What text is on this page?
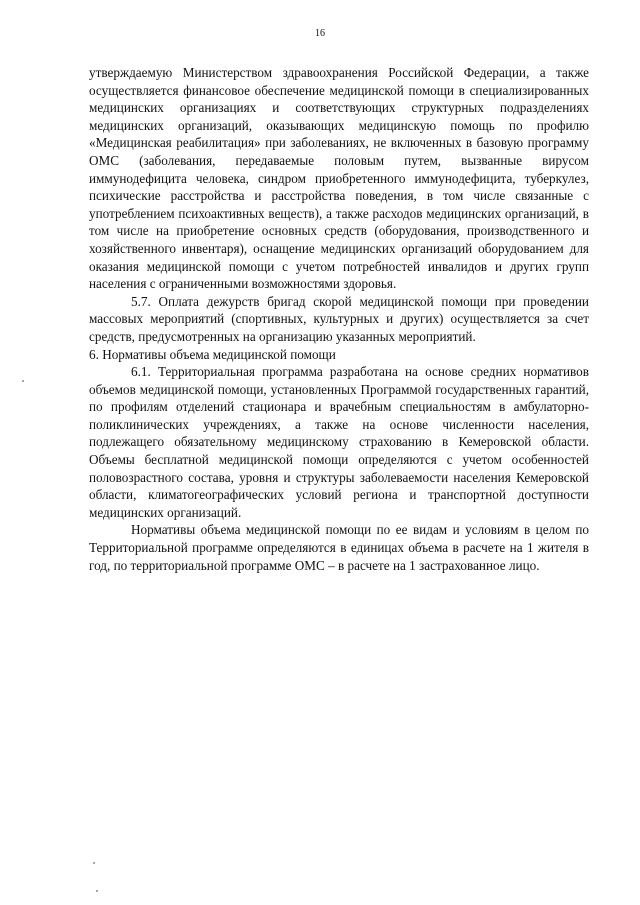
16

утверждаемую Министерством здравоохранения Российской Федерации, а также осуществляется финансовое обеспечение медицинской помощи в специализированных медицинских организациях и соответствующих структурных подразделениях медицинских организаций, оказывающих медицинскую помощь по профилю «Медицинская реабилитация» при заболеваниях, не включенных в базовую программу ОМС (заболевания, передаваемые половым путем, вызванные вирусом иммунодефицита человека, синдром приобретенного иммунодефицита, туберкулез, психические расстройства и расстройства поведения, в том числе связанные с употреблением психоактивных веществ), а также расходов медицинских организаций, в том числе на приобретение основных средств (оборудования, производственного и хозяйственного инвентаря), оснащение медицинских организаций оборудованием для оказания медицинской помощи с учетом потребностей инвалидов и других групп населения с ограниченными возможностями здоровья.

5.7. Оплата дежурств бригад скорой медицинской помощи при проведении массовых мероприятий (спортивных, культурных и других) осуществляется за счет средств, предусмотренных на организацию указанных мероприятий.

6. Нормативы объема медицинской помощи

6.1. Территориальная программа разработана на основе средних нормативов объемов медицинской помощи, установленных Программой государственных гарантий, по профилям отделений стационара и врачебным специальностям в амбулаторно-поликлинических учреждениях, а также на основе численности населения, подлежащего обязательному медицинскому страхованию в Кемеровской области. Объемы бесплатной медицинской помощи определяются с учетом особенностей половозрастного состава, уровня и структуры заболеваемости населения Кемеровской области, климатогеографических условий региона и транспортной доступности медицинских организаций.

Нормативы объема медицинской помощи по ее видам и условиям в целом по Территориальной программе определяются в единицах объема в расчете на 1 жителя в год, по территориальной программе ОМС – в расчете на 1 застрахованное лицо.
